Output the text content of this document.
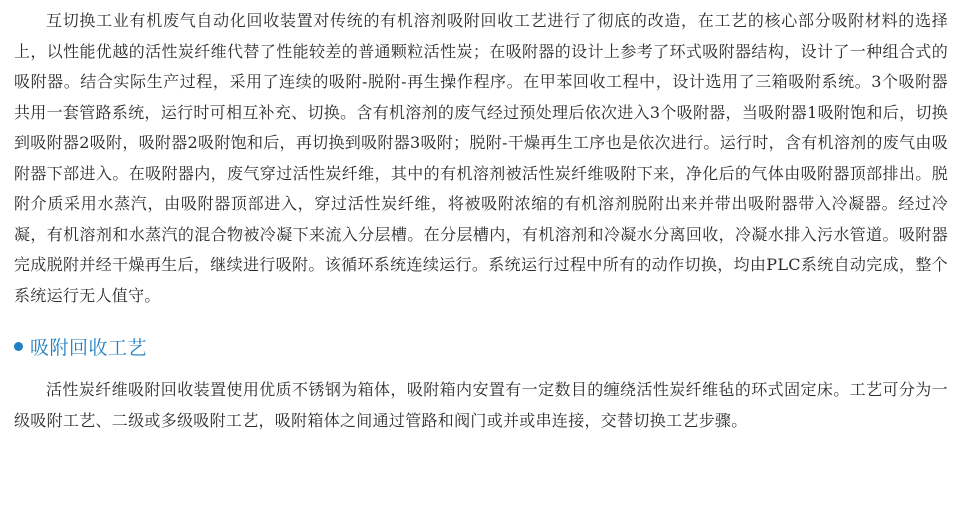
互切换工业有机废气自动化回收装置对传统的有机溶剂吸附回收工艺进行了彻底的改造，在工艺的核心部分吸附材料的选择上，以性能优越的活性炭纤维代替了性能较差的普通颗粒活性炭；在吸附器的设计上参考了环式吸附器结构，设计了一种组合式的吸附器。结合实际生产过程，采用了连续的吸附-脱附-再生操作程序。在甲苯回收工程中，设计选用了三箱吸附系统。3个吸附器共用一套管路系统，运行时可相互补充、切换。含有机溶剂的废气经过预处理后依次进入3个吸附器，当吸附器1吸附饱和后，切换到吸附器2吸附，吸附器2吸附饱和后，再切换到吸附器3吸附；脱附-干燥再生工序也是依次进行。运行时，含有机溶剂的废气由吸附器下部进入。在吸附器内，废气穿过活性炭纤维，其中的有机溶剂被活性炭纤维吸附下来，净化后的气体由吸附器顶部排出。脱附介质采用水蒸汽，由吸附器顶部进入，穿过活性炭纤维，将被吸附浓缩的有机溶剂脱附出来并带出吸附器带入冷凝器。经过冷凝，有机溶剂和水蒸汽的混合物被冷凝下来流入分层槽。在分层槽内，有机溶剂和冷凝水分离回收，冷凝水排入污水管道。吸附器完成脱附并经干燥再生后，继续进行吸附。该循环系统连续运行。系统运行过程中所有的动作切换，均由PLC系统自动完成，整个系统运行无人值守。

吸附回收工艺

活性炭纤维吸附回收装置使用优质不锈钢为箱体，吸附箱内安置有一定数目的缠绕活性炭纤维毡的环式固定床。工艺可分为一级吸附工艺、二级或多级吸附工艺，吸附箱体之间通过管路和阀门或并或串连接，交替切换工艺步骤。
